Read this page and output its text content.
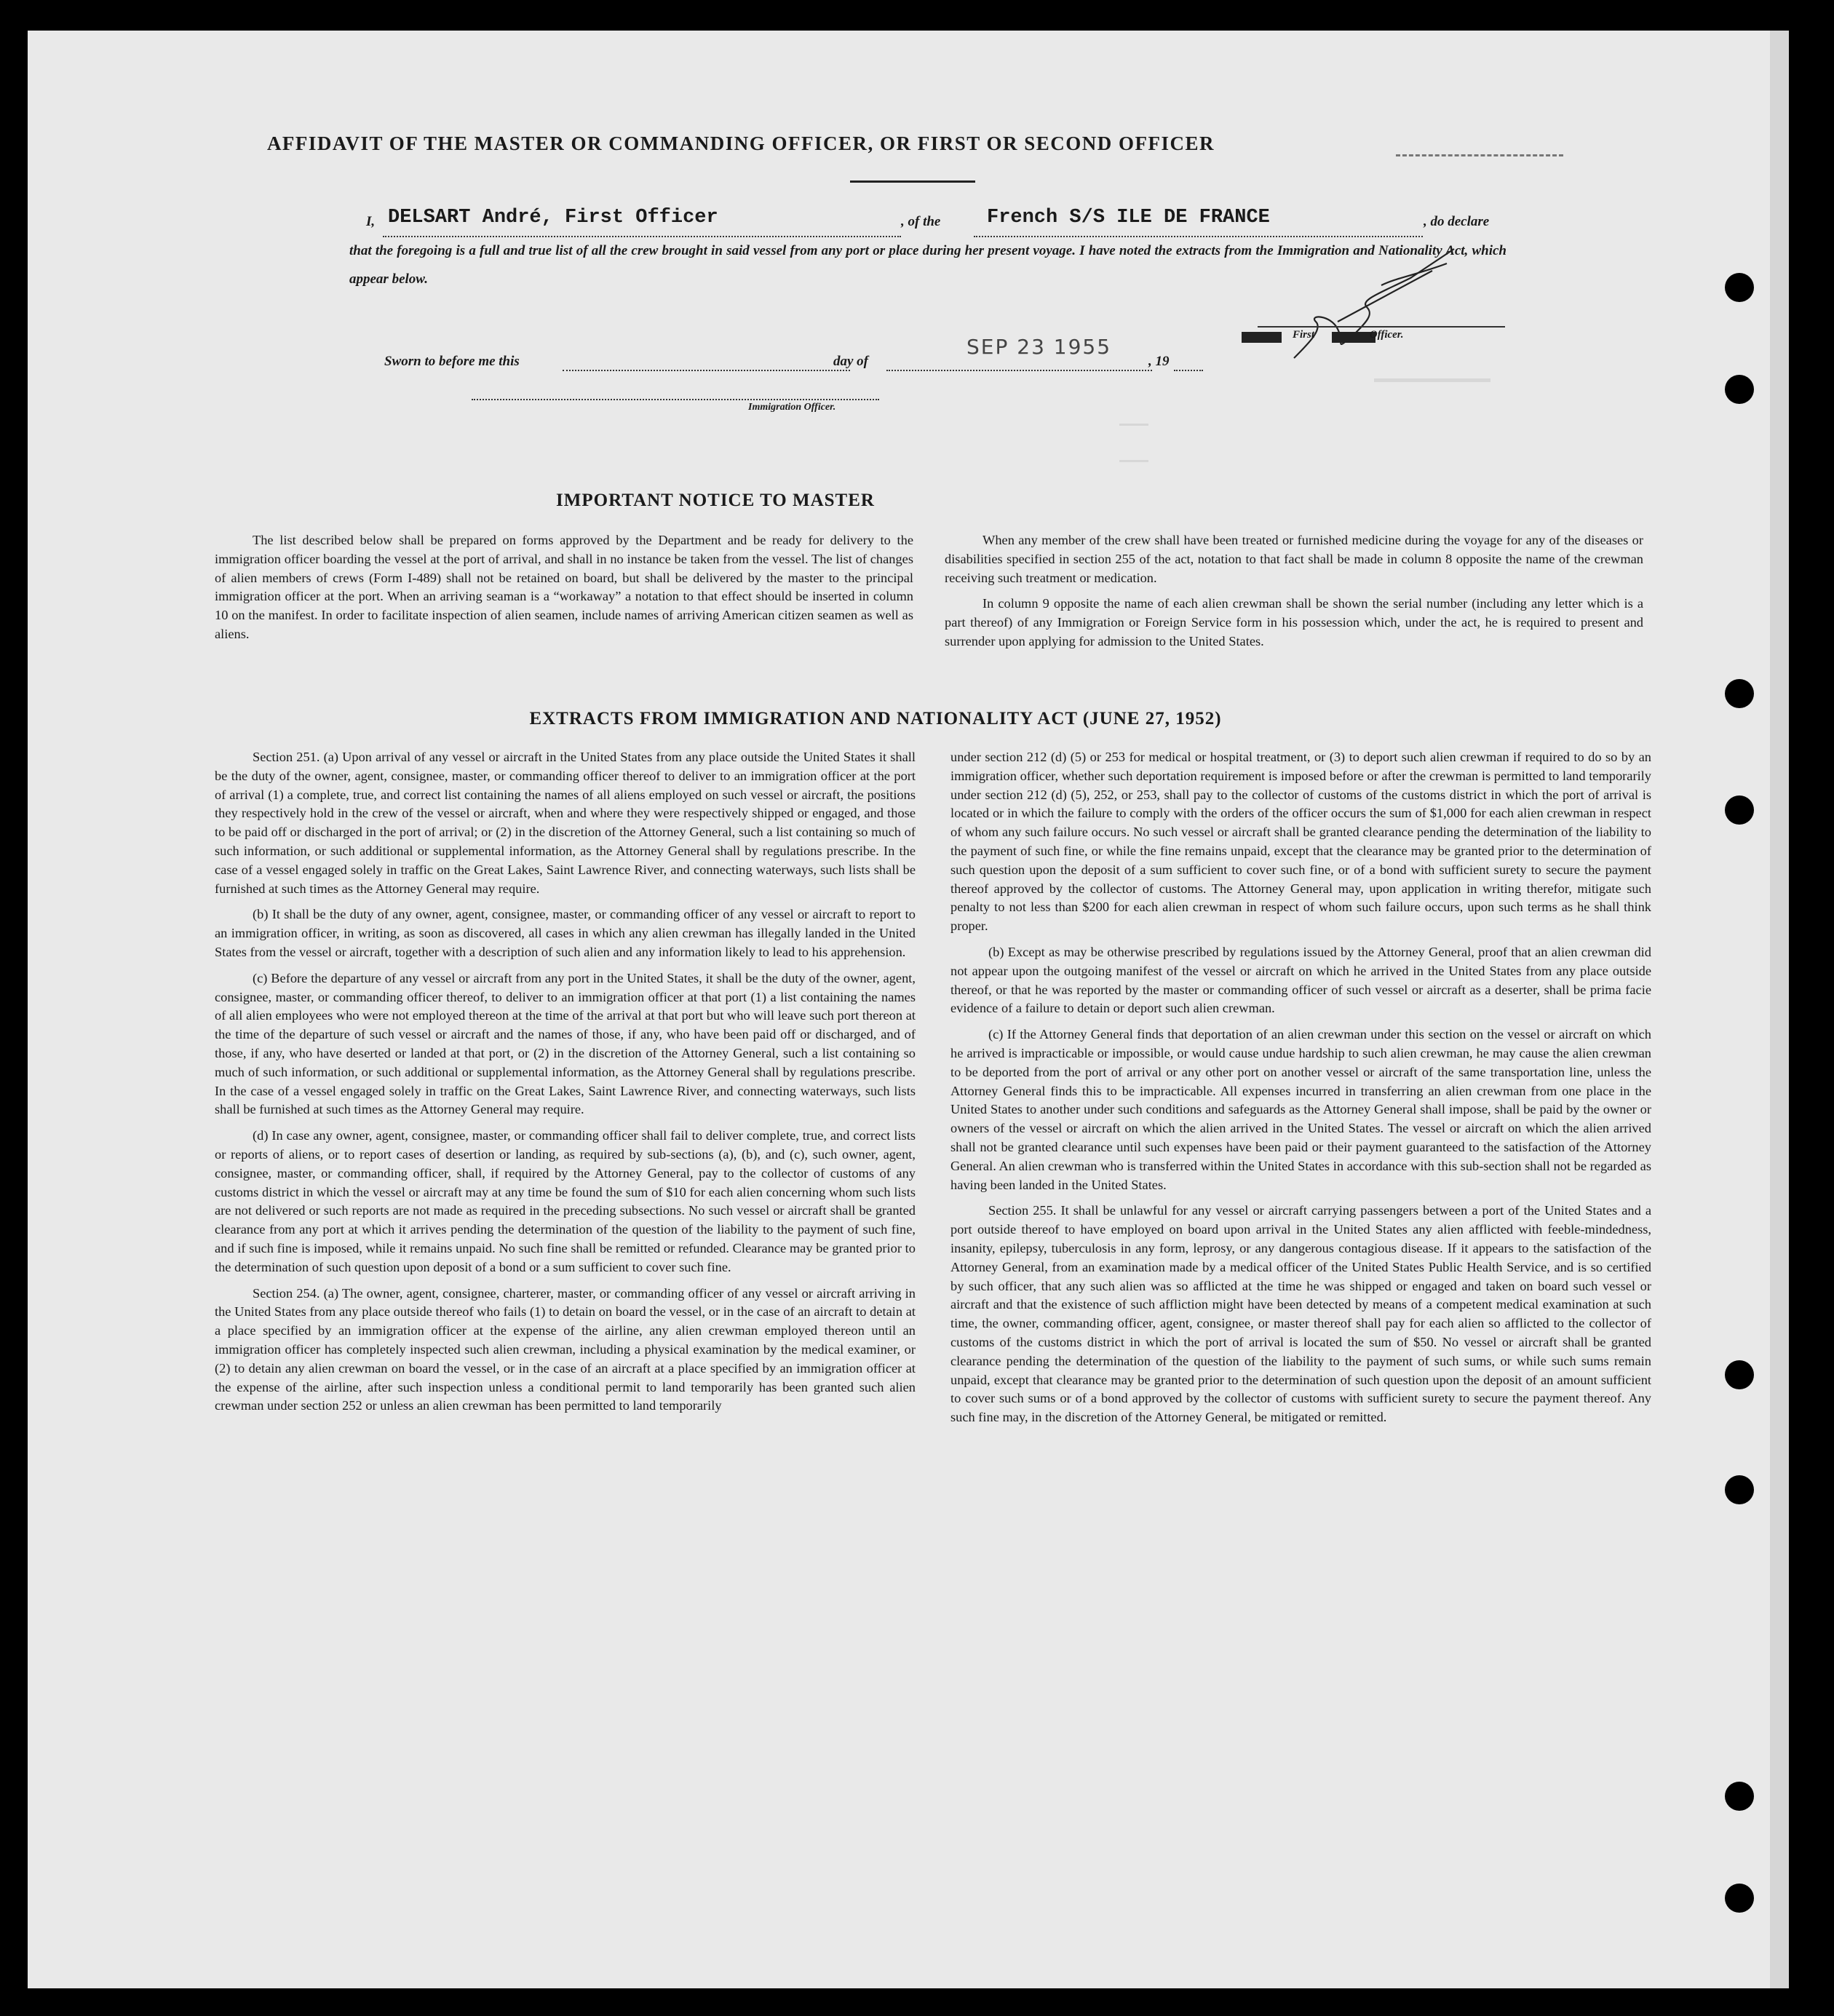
AFFIDAVIT OF THE MASTER OR COMMANDING OFFICER, OR FIRST OR SECOND OFFICER
I, DELSART André, First Officer	, of the French S/S ILE DE FRANCE	, do declare
that the foregoing is a full and true list of all the crew brought in said vessel from any port or place during her present voyage. I have noted the extracts from the Immigration and Nationality Act, which appear below.
First Officer.
Sworn to before me this	day of
SEP 23 1955
, 19
Immigration Officer.
IMPORTANT NOTICE TO MASTER

The list described below shall be prepared on forms approved by the Department and be ready for delivery to the immigration officer boarding the vessel at the port of arrival, and shall in no instance be taken from the vessel. The list of changes of alien members of crews (Form I-489) shall not be retained on board, but shall be delivered by the master to the principal immigration officer at the port. When an arriving seaman is a “workaway” a notation to that effect should be inserted in column 10 on the manifest. In order to facilitate inspection of alien seamen, include names of arriving American citizen seamen as well as aliens.

When any member of the crew shall have been treated or furnished medicine during the voyage for any of the diseases or disabilities specified in section 255 of the act, notation to that fact shall be made in column 8 opposite the name of the crewman receiving such treatment or medication.

In column 9 opposite the name of each alien crewman shall be shown the serial number (including any letter which is a part thereof) of any Immigration or Foreign Service form in his possession which, under the act, he is required to present and surrender upon applying for admission to the United States.

EXTRACTS FROM IMMIGRATION AND NATIONALITY ACT (JUNE 27, 1952)

Section 251. (a) Upon arrival of any vessel or aircraft in the United States from any place outside the United States it shall be the duty of the owner, agent, consignee, master, or commanding officer thereof to deliver to an immigration officer at the port of arrival (1) a complete, true, and correct list containing the names of all aliens employed on such vessel or aircraft, the positions they respectively hold in the crew of the vessel or aircraft, when and where they were respectively shipped or engaged, and those to be paid off or discharged in the port of arrival; or (2) in the discretion of the Attorney General, such a list containing so much of such information, or such additional or supplemental information, as the Attorney General shall by regulations prescribe. In the case of a vessel engaged solely in traffic on the Great Lakes, Saint Lawrence River, and connecting waterways, such lists shall be furnished at such times as the Attorney General may require.

(b) It shall be the duty of any owner, agent, consignee, master, or commanding officer of any vessel or aircraft to report to an immigration officer, in writing, as soon as discovered, all cases in which any alien crewman has illegally landed in the United States from the vessel or aircraft, together with a description of such alien and any information likely to lead to his apprehension.

(c) Before the departure of any vessel or aircraft from any port in the United States, it shall be the duty of the owner, agent, consignee, master, or commanding officer thereof, to deliver to an immigration officer at that port (1) a list containing the names of all alien employees who were not employed thereon at the time of the arrival at that port but who will leave such port thereon at the time of the departure of such vessel or aircraft and the names of those, if any, who have been paid off or discharged, and of those, if any, who have deserted or landed at that port, or (2) in the discretion of the Attorney General, such a list containing so much of such information, or such additional or supplemental information, as the Attorney General shall by regulations prescribe. In the case of a vessel engaged solely in traffic on the Great Lakes, Saint Lawrence River, and connecting waterways, such lists shall be furnished at such times as the Attorney General may require.

(d) In case any owner, agent, consignee, master, or commanding officer shall fail to deliver complete, true, and correct lists or reports of aliens, or to report cases of desertion or landing, as required by sub-sections (a), (b), and (c), such owner, agent, consignee, master, or commanding officer, shall, if required by the Attorney General, pay to the collector of customs of any customs district in which the vessel or aircraft may at any time be found the sum of $10 for each alien concerning whom such lists are not delivered or such reports are not made as required in the preceding subsections. No such vessel or aircraft shall be granted clearance from any port at which it arrives pending the determination of the question of the liability to the payment of such fine, and if such fine is imposed, while it remains unpaid. No such fine shall be remitted or refunded. Clearance may be granted prior to the determination of such question upon deposit of a bond or a sum sufficient to cover such fine.

Section 254. (a) The owner, agent, consignee, charterer, master, or commanding officer of any vessel or aircraft arriving in the United States from any place outside thereof who fails (1) to detain on board the vessel, or in the case of an aircraft to detain at a place specified by an immigration officer at the expense of the airline, any alien crewman employed thereon until an immigration officer has completely inspected such alien crewman, including a physical examination by the medical examiner, or (2) to detain any alien crewman on board the vessel, or in the case of an aircraft at a place specified by an immigration officer at the expense of the airline, after such inspection unless a conditional permit to land temporarily has been granted such alien crewman under section 252 or unless an alien crewman has been permitted to land temporarily

under section 212 (d) (5) or 253 for medical or hospital treatment, or (3) to deport such alien crewman if required to do so by an immigration officer, whether such deportation requirement is imposed before or after the crewman is permitted to land temporarily under section 212 (d) (5), 252, or 253, shall pay to the collector of customs of the customs district in which the port of arrival is located or in which the failure to comply with the orders of the officer occurs the sum of $1,000 for each alien crewman in respect of whom any such failure occurs. No such vessel or aircraft shall be granted clearance pending the determination of the liability to the payment of such fine, or while the fine remains unpaid, except that the clearance may be granted prior to the determination of such question upon the deposit of a sum sufficient to cover such fine, or of a bond with sufficient surety to secure the payment thereof approved by the collector of customs. The Attorney General may, upon application in writing therefor, mitigate such penalty to not less than $200 for each alien crewman in respect of whom such failure occurs, upon such terms as he shall think proper.

(b) Except as may be otherwise prescribed by regulations issued by the Attorney General, proof that an alien crewman did not appear upon the outgoing manifest of the vessel or aircraft on which he arrived in the United States from any place outside thereof, or that he was reported by the master or commanding officer of such vessel or aircraft as a deserter, shall be prima facie evidence of a failure to detain or deport such alien crewman.

(c) If the Attorney General finds that deportation of an alien crewman under this section on the vessel or aircraft on which he arrived is impracticable or impossible, or would cause undue hardship to such alien crewman, he may cause the alien crewman to be deported from the port of arrival or any other port on another vessel or aircraft of the same transportation line, unless the Attorney General finds this to be impracticable. All expenses incurred in transferring an alien crewman from one place in the United States to another under such conditions and safeguards as the Attorney General shall impose, shall be paid by the owner or owners of the vessel or aircraft on which the alien arrived in the United States. The vessel or aircraft on which the alien arrived shall not be granted clearance until such expenses have been paid or their payment guaranteed to the satisfaction of the Attorney General. An alien crewman who is transferred within the United States in accordance with this sub-section shall not be regarded as having been landed in the United States.

Section 255. It shall be unlawful for any vessel or aircraft carrying passengers between a port of the United States and a port outside thereof to have employed on board upon arrival in the United States any alien afflicted with feeble-mindedness, insanity, epilepsy, tuberculosis in any form, leprosy, or any dangerous contagious disease. If it appears to the satisfaction of the Attorney General, from an examination made by a medical officer of the United States Public Health Service, and is so certified by such officer, that any such alien was so afflicted at the time he was shipped or engaged and taken on board such vessel or aircraft and that the existence of such affliction might have been detected by means of a competent medical examination at such time, the owner, commanding officer, agent, consignee, or master thereof shall pay for each alien so afflicted to the collector of customs of the customs district in which the port of arrival is located the sum of $50. No vessel or aircraft shall be granted clearance pending the determination of the question of the liability to the payment of such sums, or while such sums remain unpaid, except that clearance may be granted prior to the determination of such question upon the deposit of an amount sufficient to cover such sums or of a bond approved by the collector of customs with sufficient surety to secure the payment thereof. Any such fine may, in the discretion of the Attorney General, be mitigated or remitted.
